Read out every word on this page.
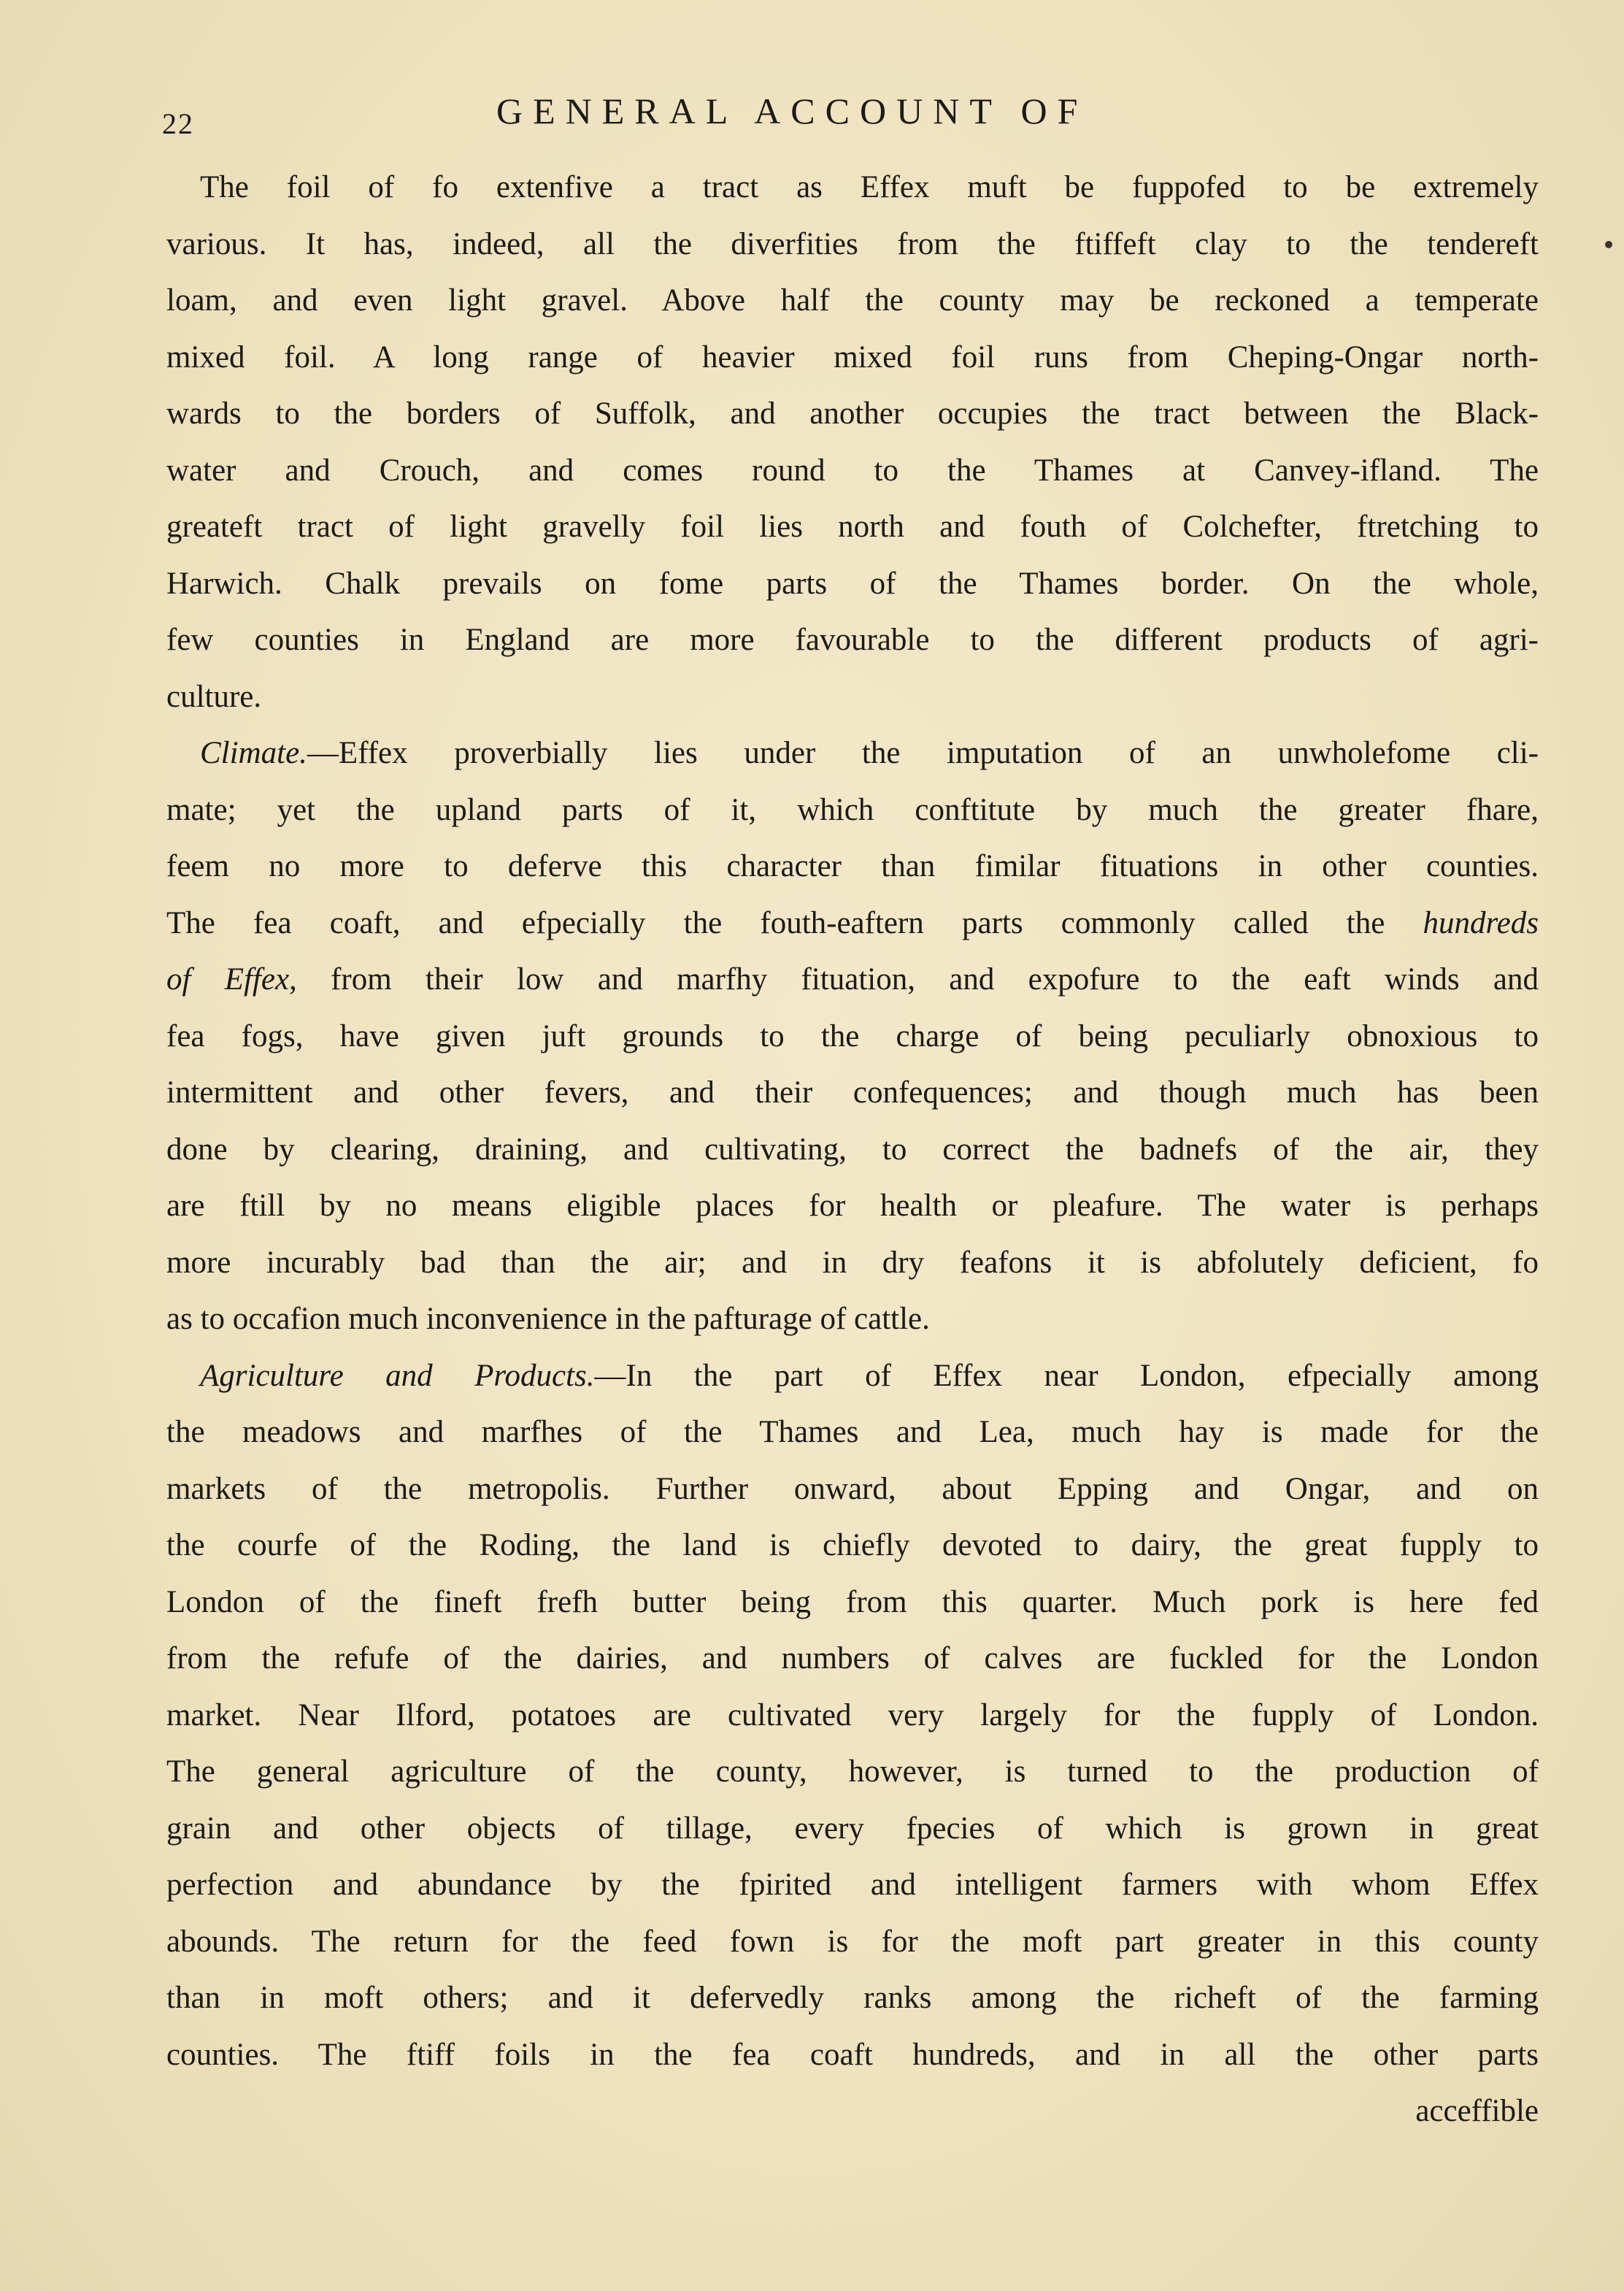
22	GENERAL ACCOUNT OF
The foil of fo extenfive a tract as Effex muft be fuppofed to be extremely
various. It has, indeed, all the diverfities from the ftiffeft clay to the tendereft
loam, and even light gravel. Above half the county may be reckoned a temperate
mixed foil. A long range of heavier mixed foil runs from Cheping-Ongar north-
wards to the borders of Suffolk, and another occupies the tract between the Black-
water and Crouch, and comes round to the Thames at Canvey-ifland. The
greateft tract of light gravelly foil lies north and fouth of Colchefter, ftretching to
Harwich. Chalk prevails on fome parts of the Thames border. On the whole,
few counties in England are more favourable to the different products of agri-
culture.
Climate.—Effex proverbially lies under the imputation of an unwholefome cli-
mate; yet the upland parts of it, which conftitute by much the greater fhare,
feem no more to deferve this character than fimilar fituations in other counties.
The fea coaft, and efpecially the fouth-eaftern parts commonly called the hundreds
of Effex, from their low and marfhy fituation, and expofure to the eaft winds and
fea fogs, have given juft grounds to the charge of being peculiarly obnoxious to
intermittent and other fevers, and their confequences; and though much has been
done by clearing, draining, and cultivating, to correct the badnefs of the air, they
are ftill by no means eligible places for health or pleafure. The water is perhaps
more incurably bad than the air; and in dry feafons it is abfolutely deficient, fo
as to occafion much inconvenience in the pafturage of cattle.
Agriculture and Products.—In the part of Effex near London, efpecially among
the meadows and marfhes of the Thames and Lea, much hay is made for the
markets of the metropolis. Further onward, about Epping and Ongar, and on
the courfe of the Roding, the land is chiefly devoted to dairy, the great fupply to
London of the fineft frefh butter being from this quarter. Much pork is here fed
from the refufe of the dairies, and numbers of calves are fuckled for the London
market. Near Ilford, potatoes are cultivated very largely for the fupply of London.
The general agriculture of the county, however, is turned to the production of
grain and other objects of tillage, every fpecies of which is grown in great
perfection and abundance by the fpirited and intelligent farmers with whom Effex
abounds. The return for the feed fown is for the moft part greater in this county
than in moft others; and it defervedly ranks among the richeft of the farming
counties. The ftiff foils in the fea coaft hundreds, and in all the other parts
acceffible
